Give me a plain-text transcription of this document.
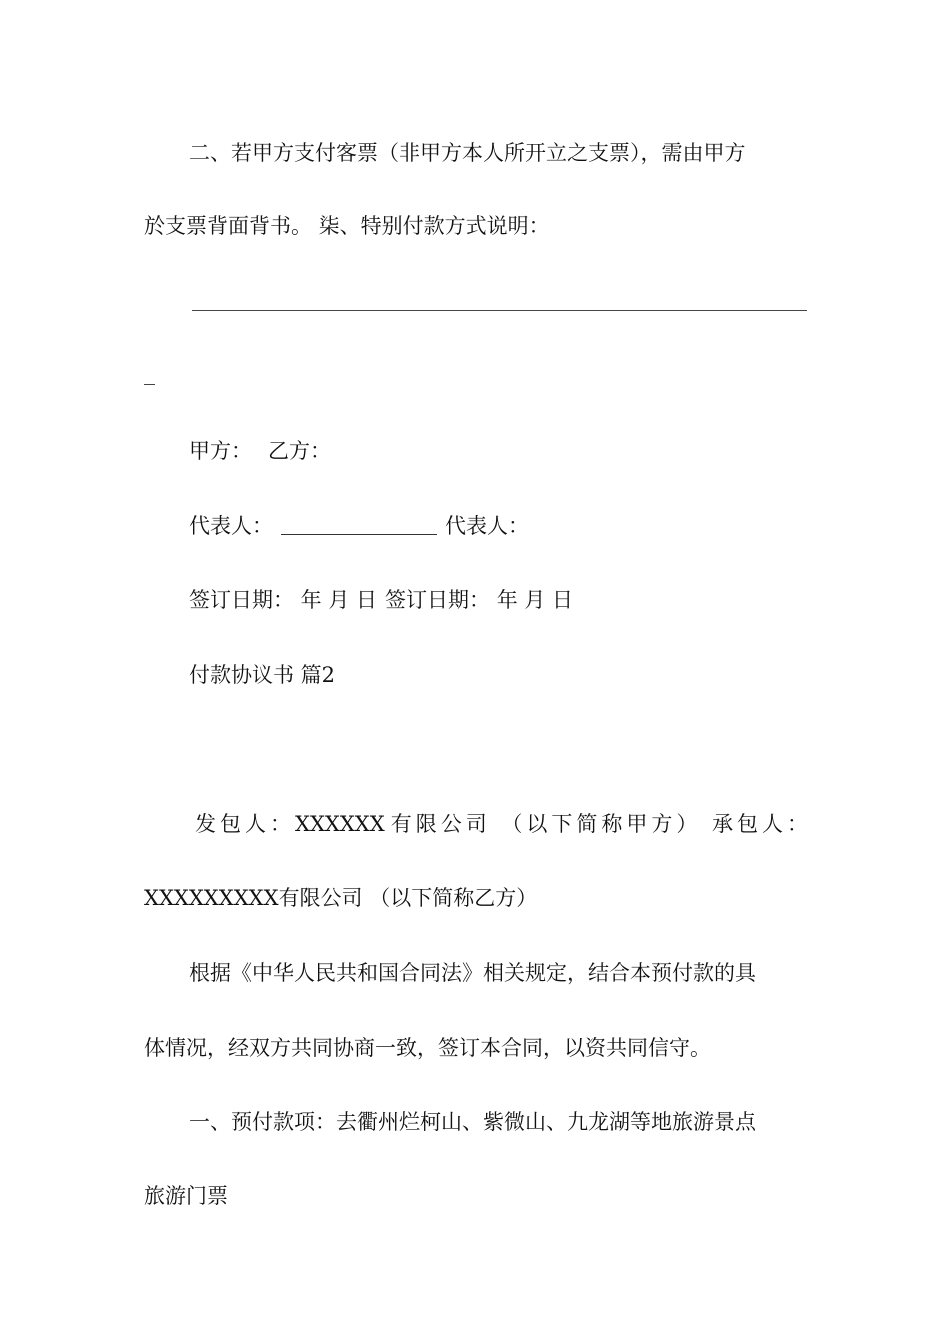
二、若甲方支付客票（非甲方本人所开立之支票），需由甲方
於支票背面背书。 柒、特别付款方式说明：
甲方： 乙方：
代表人：	代表人：
签订日期： 年 月 日 签订日期： 年 月 日
付款协议书 篇2
发包人：XXXXXX 有限公司 （以下简称甲方） 承包人：
XXXXXXXXX有限公司 （以下简称乙方）
根据《中华人民共和国合同法》相关规定，结合本预付款的具
体情况，经双方共同协商一致，签订本合同，以资共同信守。
一、预付款项：去衢州烂柯山、紫微山、九龙湖等地旅游景点
旅游门票
